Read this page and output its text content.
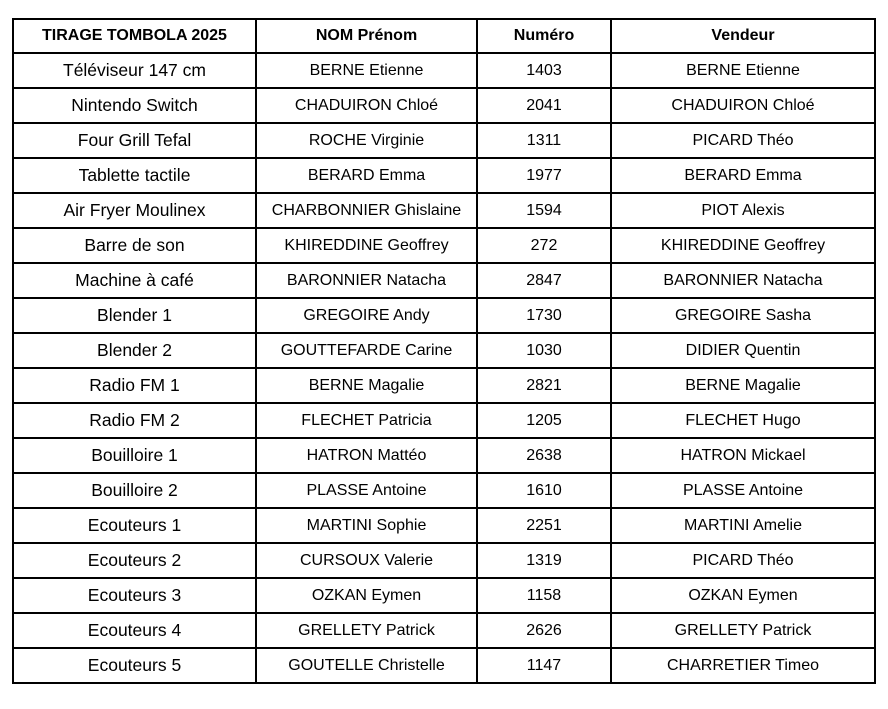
TIRAGE TOMBOLA 2025	NOM Prénom	Numéro	Vendeur
Téléviseur 147 cm	BERNE Etienne	1403	BERNE Etienne
Nintendo Switch	CHADUIRON Chloé	2041	CHADUIRON Chloé
Four Grill Tefal	ROCHE Virginie	1311	PICARD Théo
Tablette tactile	BERARD Emma	1977	BERARD Emma
Air Fryer Moulinex	CHARBONNIER Ghislaine	1594	PIOT Alexis
Barre de son	KHIREDDINE Geoffrey	272	KHIREDDINE Geoffrey
Machine à café	BARONNIER Natacha	2847	BARONNIER Natacha
Blender 1	GREGOIRE Andy	1730	GREGOIRE Sasha
Blender 2	GOUTTEFARDE Carine	1030	DIDIER Quentin
Radio FM 1	BERNE Magalie	2821	BERNE Magalie
Radio FM 2	FLECHET Patricia	1205	FLECHET Hugo
Bouilloire 1	HATRON Mattéo	2638	HATRON Mickael
Bouilloire 2	PLASSE Antoine	1610	PLASSE Antoine
Ecouteurs 1	MARTINI Sophie	2251	MARTINI Amelie
Ecouteurs 2	CURSOUX Valerie	1319	PICARD Théo
Ecouteurs 3	OZKAN Eymen	1158	OZKAN Eymen
Ecouteurs 4	GRELLETY Patrick	2626	GRELLETY Patrick
Ecouteurs 5	GOUTELLE Christelle	1147	CHARRETIER Timeo
